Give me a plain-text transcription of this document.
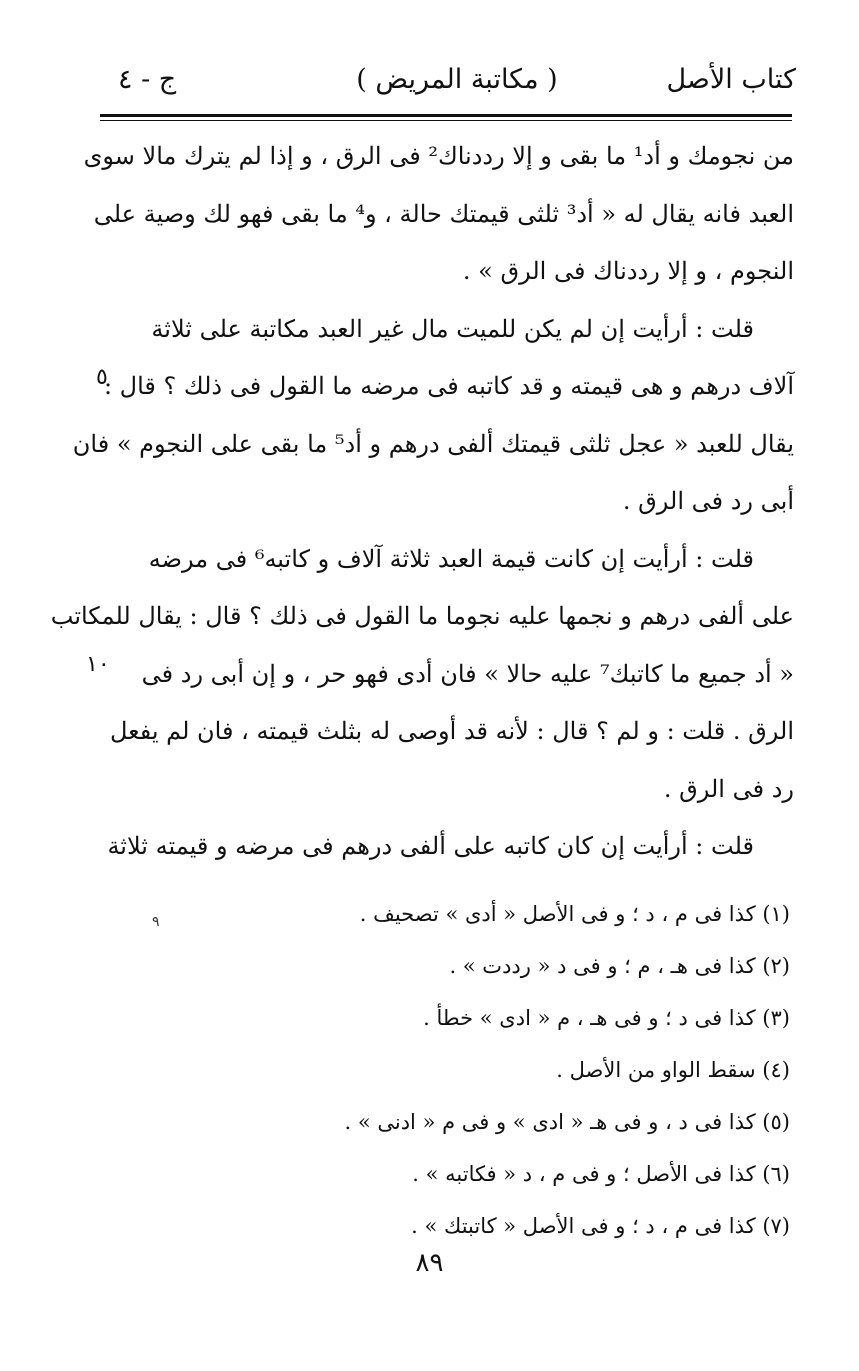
كتاب الأصل
( مكاتبة المريض )
ج - ٤
من نجومك و أد¹ ما بقى و إلا رددناك² فى الرق ، و إذا لم يترك مالا سوى
العبد فانه يقال له « أد³ ثلثى قيمتك حالة ، و⁴ ما بقى فهو لك وصية على
النجوم ، و إلا رددناك فى الرق » .
قلت : أرأيت إن لم يكن للميت مال غير العبد مكاتبة على ثلاثة
آلاف درهم و هى قيمته و قد كاتبه فى مرضه ما القول فى ذلك ؟ قال :
يقال للعبد « عجل ثلثى قيمتك ألفى درهم و أد⁵ ما بقى على النجوم » فان
أبى رد فى الرق .
قلت : أرأيت إن كانت قيمة العبد ثلاثة آلاف و كاتبه⁶ فى مرضه
على ألفى درهم و نجمها عليه نجوما ما القول فى ذلك ؟ قال : يقال للمكاتب
« أد جميع ما كاتبك⁷ عليه حالا » فان أدى فهو حر ، و إن أبى رد فى
الرق . قلت : و لم ؟ قال : لأنه قد أوصى له بثلث قيمته ، فان لم يفعل
رد فى الرق .
قلت : أرأيت إن كان كاتبه على ألفى درهم فى مرضه و قيمته ثلاثة
٥
١٠
(١) كذا فى م ، د ؛ و فى الأصل « أدى » تصحيف .
(٢) كذا فى هـ ، م ؛ و فى د « رددت » .
(٣) كذا فى د ؛ و فى هـ ، م « ادى » خطأ .
(٤) سقط الواو من الأصل .
(٥) كذا فى د ، و فى هـ « ادى » و فى م « ادنى » .
(٦) كذا فى الأصل ؛ و فى م ، د « فكاتبه » .
(٧) كذا فى م ، د ؛ و فى الأصل « كاتبتك » .
٩
٨٩
